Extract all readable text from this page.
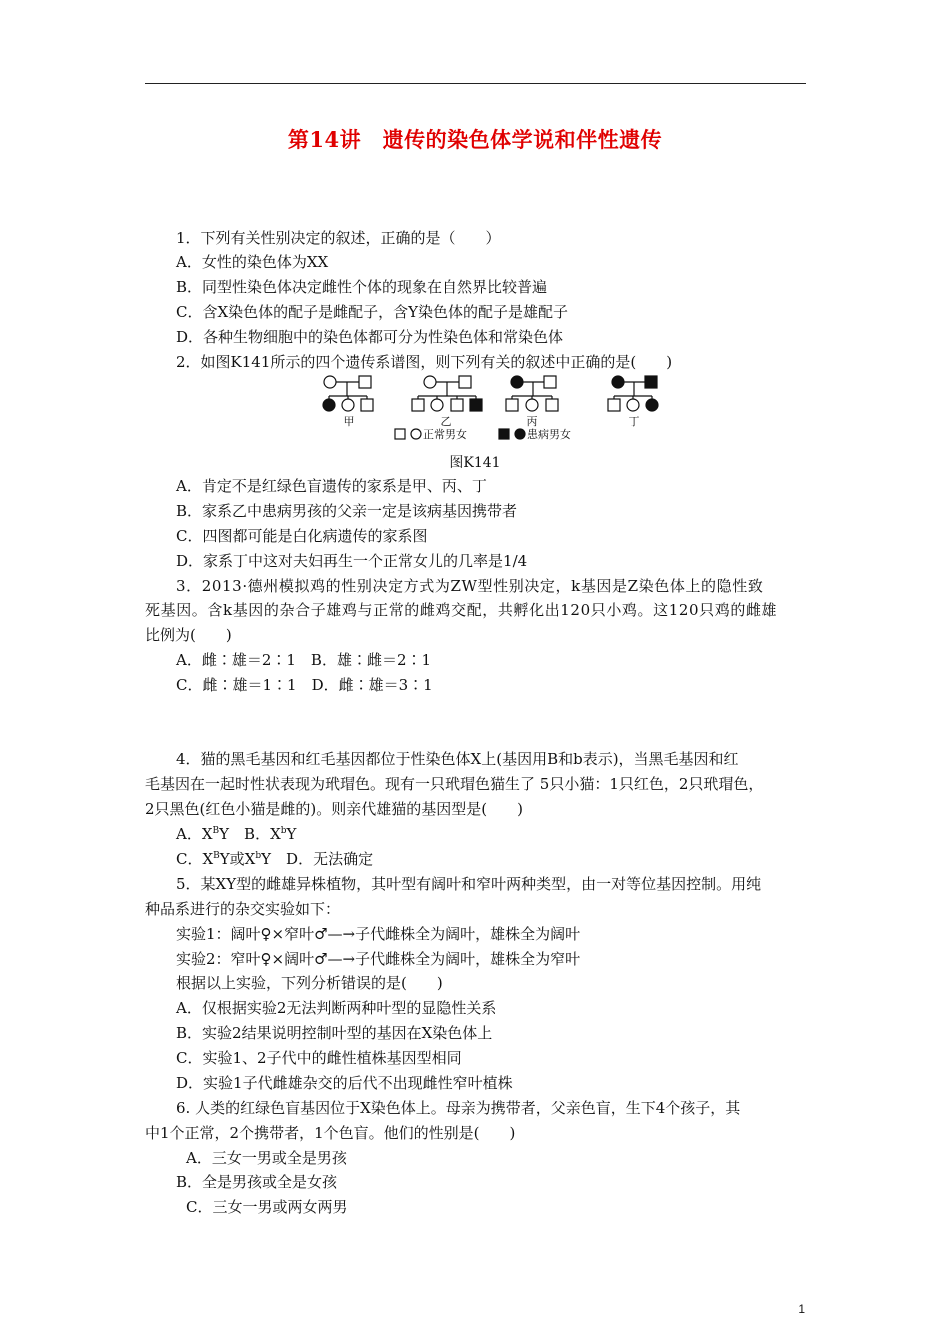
第14讲　遗传的染色体学说和伴性遗传
1．下列有关性别决定的叙述，正确的是（　　）
A．女性的染色体为XX
B．同型性染色体决定雌性个体的现象在自然界比较普遍
C．含X染色体的配子是雌配子，含Y染色体的配子是雄配子
D．各种生物细胞中的染色体都可分为性染色体和常染色体
2．如图K141所示的四个遗传系谱图，则下列有关的叙述中正确的是(　　)
甲	乙	丙	丁
正常男女	患病男女
图K141
A．肯定不是红绿色盲遗传的家系是甲、丙、丁
B．家系乙中患病男孩的父亲一定是该病基因携带者
C．四图都可能是白化病遗传的家系图
D．家系丁中这对夫妇再生一个正常女儿的几率是1/4
3．2013·德州模拟鸡的性别决定方式为ZW型性别决定，k基因是Z染色体上的隐性致
死基因。含k基因的杂合子雄鸡与正常的雌鸡交配，共孵化出120只小鸡。这120只鸡的雌雄
比例为(　　)
A．雌∶雄＝2∶1　B．雄∶雌＝2∶1
C．雌∶雄＝1∶1　D．雌∶雄＝3∶1
4．猫的黑毛基因和红毛基因都位于性染色体X上(基因用B和b表示)，当黑毛基因和红
毛基因在一起时性状表现为玳瑁色。现有一只玳瑁色猫生了 5只小猫：1只红色，2只玳瑁色，
2只黑色(红色小猫是雌的)。则亲代雄猫的基因型是(　　)
A．$X^BY$　B．$X^bY$
C．$X^BY$或$X^bY$　D．无法确定
5．某XY型的雌雄异株植物，其叶型有阔叶和窄叶两种类型，由一对等位基因控制。用纯
种品系进行的杂交实验如下：
实验1：阔叶♀×窄叶♂—→子代雌株全为阔叶，雄株全为阔叶
实验2：窄叶♀×阔叶♂—→子代雌株全为阔叶，雄株全为窄叶
根据以上实验，下列分析错误的是(　　)
A．仅根据实验2无法判断两种叶型的显隐性关系
B．实验2结果说明控制叶型的基因在X染色体上
C．实验1、2子代中的雌性植株基因型相同
D．实验1子代雌雄杂交的后代不出现雌性窄叶植株
6. 人类的红绿色盲基因位于X染色体上。母亲为携带者，父亲色盲，生下4个孩子，其
中1个正常，2个携带者，1个色盲。他们的性别是(　　)
A．三女一男或全是男孩
B．全是男孩或全是女孩
C．三女一男或两女两男
1
